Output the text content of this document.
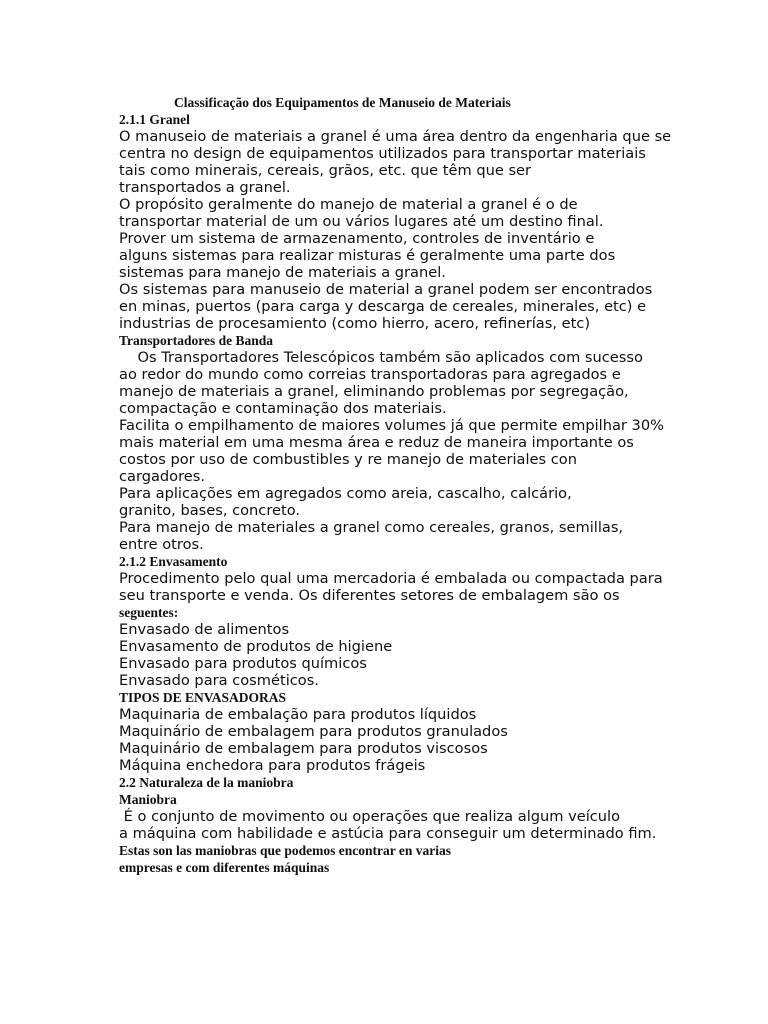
Classificação dos Equipamentos de Manuseio de Materiais
2.1.1 Granel
O manuseio de materiais a granel é uma área dentro da engenharia que se
centra no design de equipamentos utilizados para transportar materiais
tais como minerais, cereais, grãos, etc. que têm que ser
transportados a granel.
O propósito geralmente do manejo de material a granel é o de
transportar material de um ou vários lugares até um destino final.
Prover um sistema de armazenamento, controles de inventário e
alguns sistemas para realizar misturas é geralmente uma parte dos
sistemas para manejo de materiais a granel.
Os sistemas para manuseio de material a granel podem ser encontrados
en minas, puertos (para carga y descarga de cereales, minerales, etc) e
industrias de procesamiento (como hierro, acero, refinerías, etc)
Transportadores de Banda
Os Transportadores Telescópicos também são aplicados com sucesso
ao redor do mundo como correias transportadoras para agregados e
manejo de materiais a granel, eliminando problemas por segregação,
compactação e contaminação dos materiais.
Facilita o empilhamento de maiores volumes já que permite empilhar 30%
mais material em uma mesma área e reduz de maneira importante os
costos por uso de combustibles y re manejo de materiales con
cargadores.
Para aplicações em agregados como areia, cascalho, calcário,
granito, bases, concreto.
Para manejo de materiales a granel como cereales, granos, semillas,
entre otros.
2.1.2 Envasamento
Procedimento pelo qual uma mercadoria é embalada ou compactada para
seu transporte e venda. Os diferentes setores de embalagem são os
seguentes:
Envasado de alimentos
Envasamento de produtos de higiene
Envasado para produtos químicos
Envasado para cosméticos.
TIPOS DE ENVASADORAS
Maquinaria de embalação para produtos líquidos
Maquinário de embalagem para produtos granulados
Maquinário de embalagem para produtos viscosos
Máquina enchedora para produtos frágeis
2.2 Naturaleza de la maniobra
Maniobra
É o conjunto de movimento ou operações que realiza algum veículo
a máquina com habilidade e astúcia para conseguir um determinado fim.
Estas son las maniobras que podemos encontrar en varias
empresas e com diferentes máquinas
